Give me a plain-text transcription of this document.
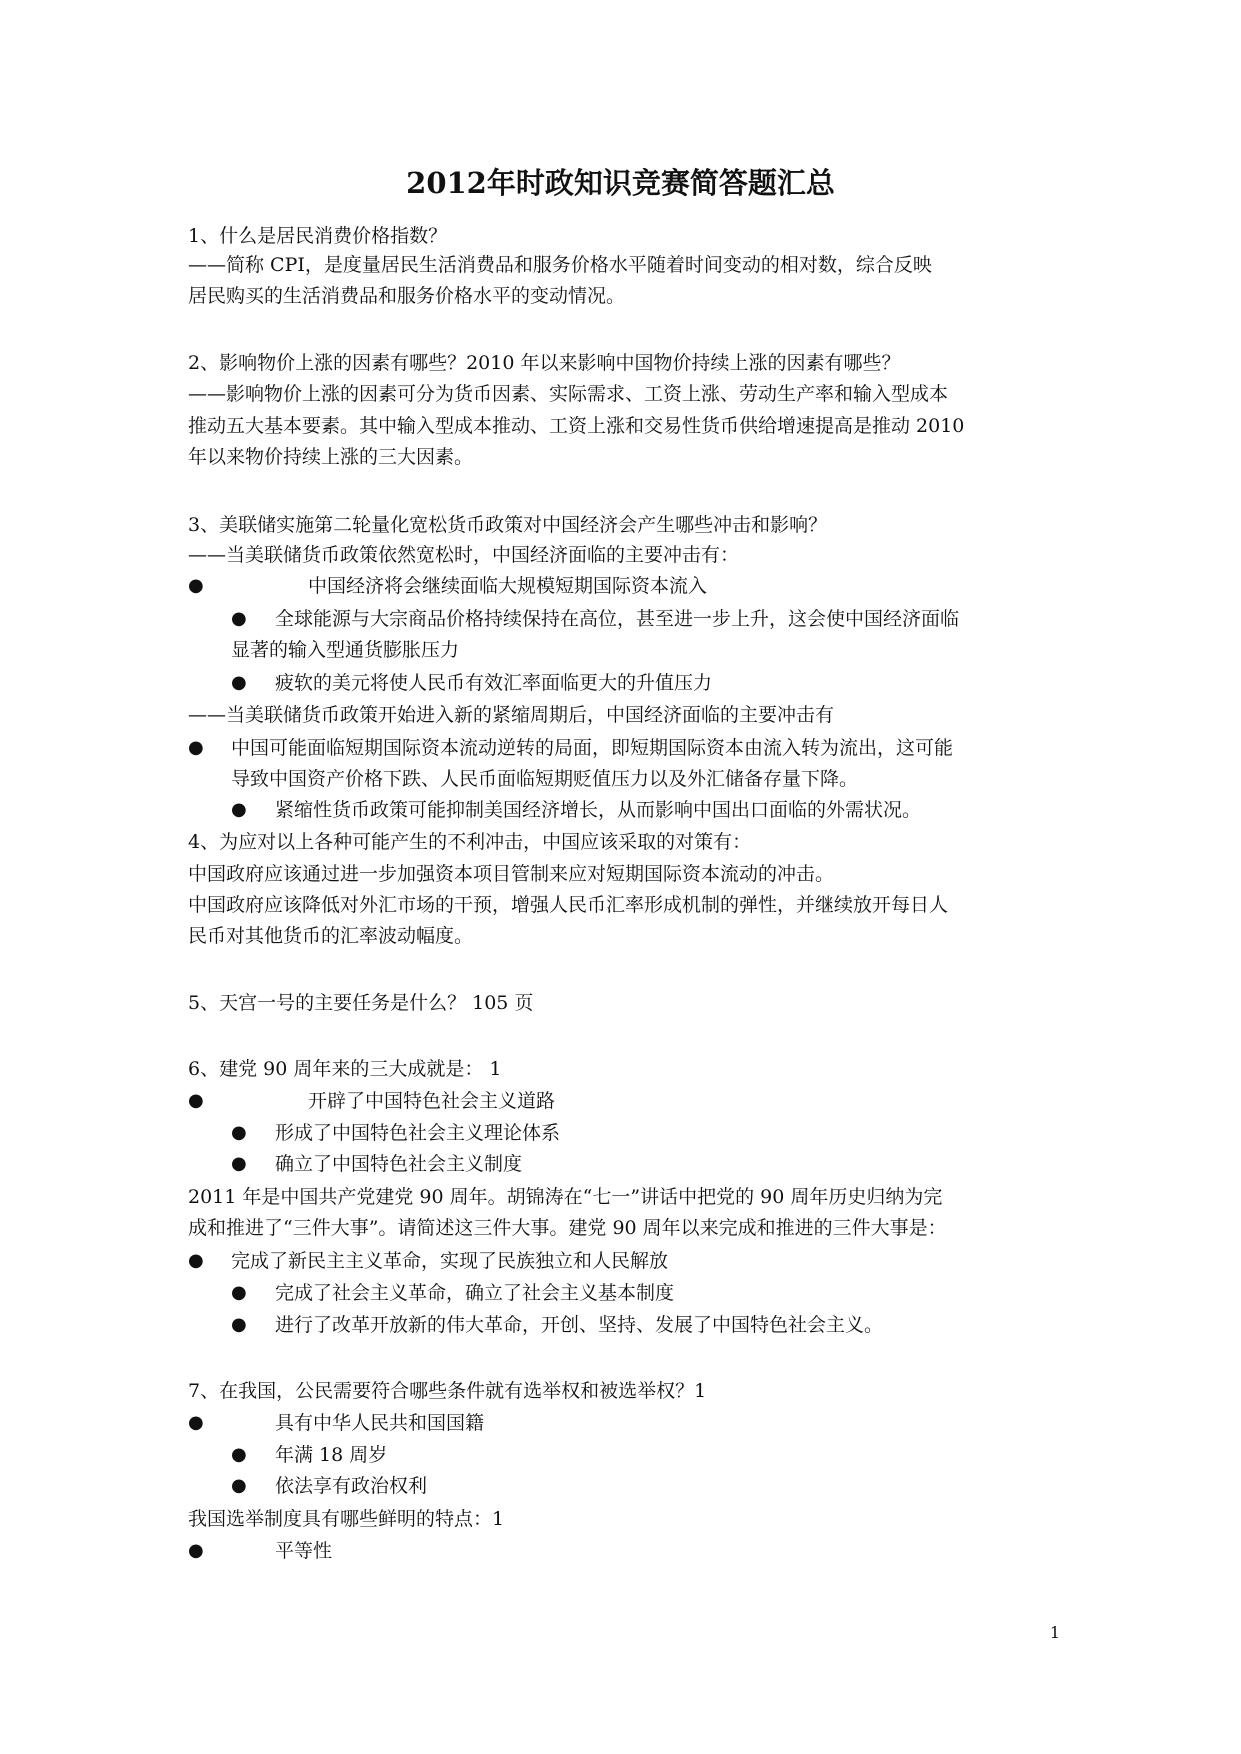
2012年时政知识竞赛简答题汇总
1、什么是居民消费价格指数？
——简称 CPI，是度量居民生活消费品和服务价格水平随着时间变动的相对数，综合反映
居民购买的生活消费品和服务价格水平的变动情况。
2、影响物价上涨的因素有哪些？2010 年以来影响中国物价持续上涨的因素有哪些？
——影响物价上涨的因素可分为货币因素、实际需求、工资上涨、劳动生产率和输入型成本
推动五大基本要素。其中输入型成本推动、工资上涨和交易性货币供给增速提高是推动 2010
年以来物价持续上涨的三大因素。
3、美联储实施第二轮量化宽松货币政策对中国经济会产生哪些冲击和影响？
——当美联储货币政策依然宽松时，中国经济面临的主要冲击有：
●	中国经济将会继续面临大规模短期国际资本流入
● 全球能源与大宗商品价格持续保持在高位，甚至进一步上升，这会使中国经济面临
显著的输入型通货膨胀压力
● 疲软的美元将使人民币有效汇率面临更大的升值压力
——当美联储货币政策开始进入新的紧缩周期后，中国经济面临的主要冲击有
● 中国可能面临短期国际资本流动逆转的局面，即短期国际资本由流入转为流出，这可能
导致中国资产价格下跌、人民币面临短期贬值压力以及外汇储备存量下降。
● 紧缩性货币政策可能抑制美国经济增长，从而影响中国出口面临的外需状况。
4、为应对以上各种可能产生的不利冲击，中国应该采取的对策有：
中国政府应该通过进一步加强资本项目管制来应对短期国际资本流动的冲击。
中国政府应该降低对外汇市场的干预，增强人民币汇率形成机制的弹性，并继续放开每日人
民币对其他货币的汇率波动幅度。
5、天宫一号的主要任务是什么？ 105 页
6、建党 90 周年来的三大成就是： 1
●	开辟了中国特色社会主义道路
● 形成了中国特色社会主义理论体系
● 确立了中国特色社会主义制度
2011 年是中国共产党建党 90 周年。胡锦涛在“七一”讲话中把党的 90 周年历史归纳为完
成和推进了“三件大事”。请简述这三件大事。建党 90 周年以来完成和推进的三件大事是：
● 完成了新民主主义革命，实现了民族独立和人民解放
● 完成了社会主义革命，确立了社会主义基本制度
● 进行了改革开放新的伟大革命，开创、坚持、发展了中国特色社会主义。
7、在我国，公民需要符合哪些条件就有选举权和被选举权？1
●	具有中华人民共和国国籍
● 年满 18 周岁
● 依法享有政治权利
我国选举制度具有哪些鲜明的特点：1
●	平等性
1
